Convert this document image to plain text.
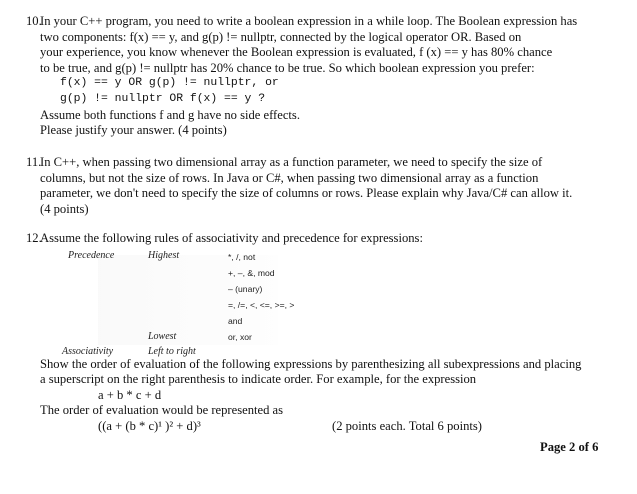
10.
In your C++ program, you need to write a boolean expression in a while loop. The Boolean expression has
two components: f(x) == y, and g(p) != nullptr, connected by the logical operator OR. Based on
your experience, you know whenever the Boolean expression is evaluated, f (x) == y has 80% chance
to be true, and g(p) != nullptr has 20% chance to be true. So which boolean expression you prefer:
f(x) == y OR g(p) != nullptr, or
g(p) != nullptr OR f(x) == y ?
Assume both functions f and g have no side effects.
Please justify your answer. (4 points)
11.
In C++, when passing two dimensional array as a function parameter, we need to specify the size of
columns, but not the size of rows. In Java or C#, when passing two dimensional array as a function
parameter, we don't need to specify the size of columns or rows. Please explain why Java/C# can allow it.
(4 points)
12.
Assume the following rules of associativity and precedence for expressions:
Precedence	Highest	*, /, not
+, –, &, mod
– (unary)
=, /=, <, <=, >=, >
and
Lowest	or, xor
Associativity	Left to right
Show the order of evaluation of the following expressions by parenthesizing all subexpressions and placing
a superscript on the right parenthesis to indicate order. For example, for the expression
a + b * c + d
The order of evaluation would be represented as
((a + (b * c)¹ )² + d)³	(2 points each. Total 6 points)
Page 2 of 6
